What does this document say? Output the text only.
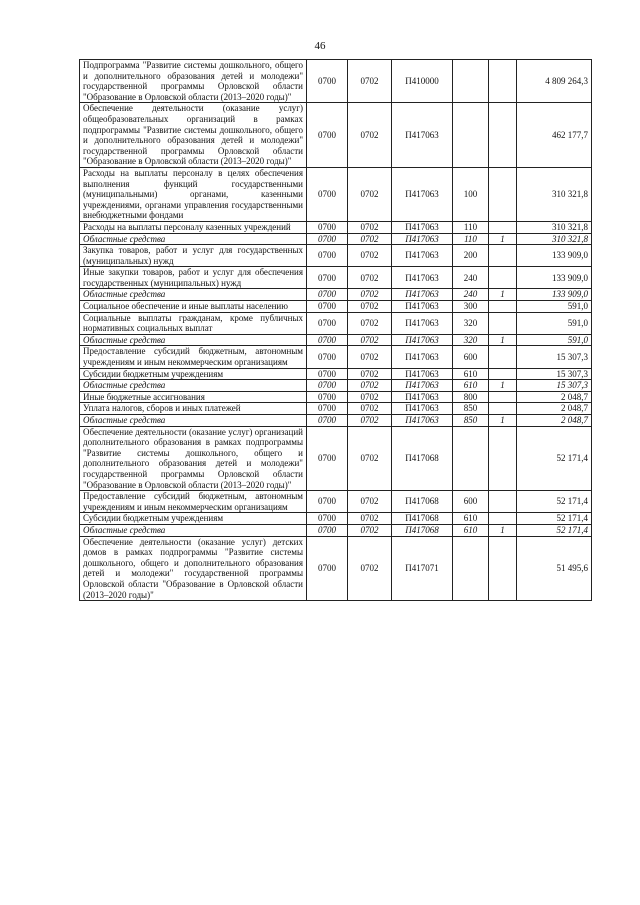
46
Подпрограмма "Развитие системы дошкольного, общего и дополнительного образования детей и молодежи" государственной программы Орловской области "Образование в Орловской области (2013–2020 годы)"	0700	0702	П410000			4 809 264,3
Обеспечение деятельности (оказание услуг) общеобразовательных организаций в рамках подпрограммы "Развитие системы дошкольного, общего и дополнительного образования детей и молодежи" государственной программы Орловской области "Образование в Орловской области (2013–2020 годы)"	0700	0702	П417063			462 177,7
Расходы на выплаты персоналу в целях обеспечения выполнения функций государственными (муниципальными) органами, казенными учреждениями, органами управления государственными внебюджетными фондами	0700	0702	П417063	100		310 321,8
Расходы на выплаты персоналу казенных учреждений	0700	0702	П417063	110		310 321,8
Областные средства	0700	0702	П417063	110	1	310 321,8
Закупка товаров, работ и услуг для государственных (муниципальных) нужд	0700	0702	П417063	200		133 909,0
Иные закупки товаров, работ и услуг для обеспечения государственных (муниципальных) нужд	0700	0702	П417063	240		133 909,0
Областные средства	0700	0702	П417063	240	1	133 909,0
Социальное обеспечение и иные выплаты населению	0700	0702	П417063	300		591,0
Социальные выплаты гражданам, кроме публичных нормативных социальных выплат	0700	0702	П417063	320		591,0
Областные средства	0700	0702	П417063	320	1	591,0
Предоставление субсидий бюджетным, автономным учреждениям и иным некоммерческим организациям	0700	0702	П417063	600		15 307,3
Субсидии бюджетным учреждениям	0700	0702	П417063	610		15 307,3
Областные средства	0700	0702	П417063	610	1	15 307,3
Иные бюджетные ассигнования	0700	0702	П417063	800		2 048,7
Уплата налогов, сборов и иных платежей	0700	0702	П417063	850		2 048,7
Областные средства	0700	0702	П417063	850	1	2 048,7
Обеспечение деятельности (оказание услуг) организаций дополнительного образования в рамках подпрограммы "Развитие системы дошкольного, общего и дополнительного образования детей и молодежи" государственной программы Орловской области "Образование в Орловской области (2013–2020 годы)"	0700	0702	П417068			52 171,4
Предоставление субсидий бюджетным, автономным учреждениям и иным некоммерческим организациям	0700	0702	П417068	600		52 171,4
Субсидии бюджетным учреждениям	0700	0702	П417068	610		52 171,4
Областные средства	0700	0702	П417068	610	1	52 171,4
Обеспечение деятельности (оказание услуг) детских домов в рамках подпрограммы "Развитие системы дошкольного, общего и дополнительного образования детей и молодежи" государственной программы Орловской области "Образование в Орловской области (2013–2020 годы)"	0700	0702	П417071			51 495,6
